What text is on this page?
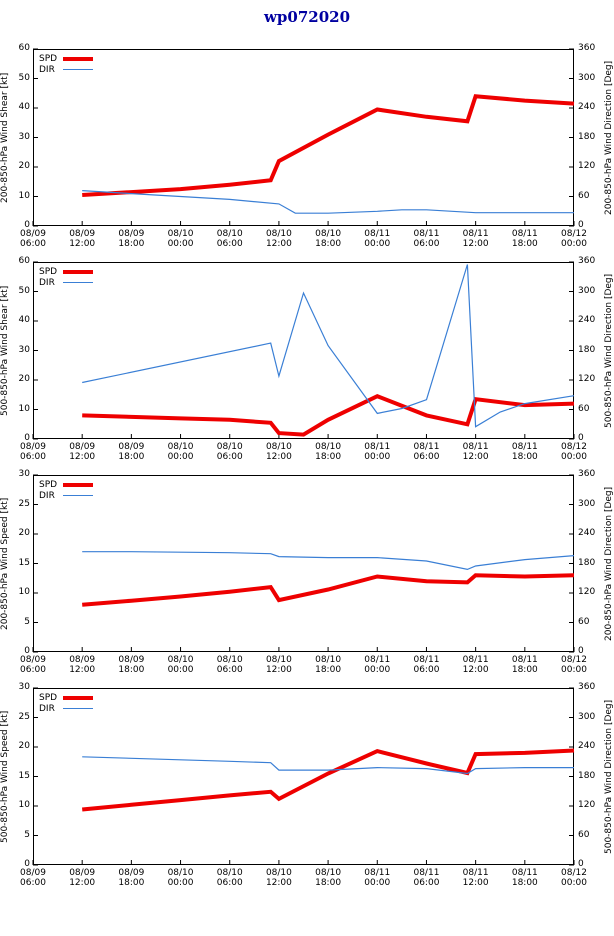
wp072020
0
10
20
30
40
50
60
0
60
120
180
240
300
360
200-850-hPa Wind Shear [kt]	200-850-hPa Wind Direction [Deg]
08/09
06:00
08/09
12:00
08/09
18:00
08/10
00:00
08/10
06:00
08/10
12:00
08/10
18:00
08/11
00:00
08/11
06:00
08/11
12:00
08/11
18:00
08/12
00:00
SPD
DIR
0
10
20
30
40
50
60
0
60
120
180
240
300
360
500-850-hPa Wind Shear [kt]	500-850-hPa Wind Direction [Deg]
08/09
06:00
08/09
12:00
08/09
18:00
08/10
00:00
08/10
06:00
08/10
12:00
08/10
18:00
08/11
00:00
08/11
06:00
08/11
12:00
08/11
18:00
08/12
00:00
SPD
DIR
0
5
10
15
20
25
30
0
60
120
180
240
300
360
200-850-hPa Wind Speed [kt]	200-850-hPa Wind Direction [Deg]
08/09
06:00
08/09
12:00
08/09
18:00
08/10
00:00
08/10
06:00
08/10
12:00
08/10
18:00
08/11
00:00
08/11
06:00
08/11
12:00
08/11
18:00
08/12
00:00
SPD
DIR
0
5
10
15
20
25
30
0
60
120
180
240
300
360
500-850-hPa Wind Speed [kt]	500-850-hPa Wind Direction [Deg]
08/09
06:00
08/09
12:00
08/09
18:00
08/10
00:00
08/10
06:00
08/10
12:00
08/10
18:00
08/11
00:00
08/11
06:00
08/11
12:00
08/11
18:00
08/12
00:00
SPD
DIR
